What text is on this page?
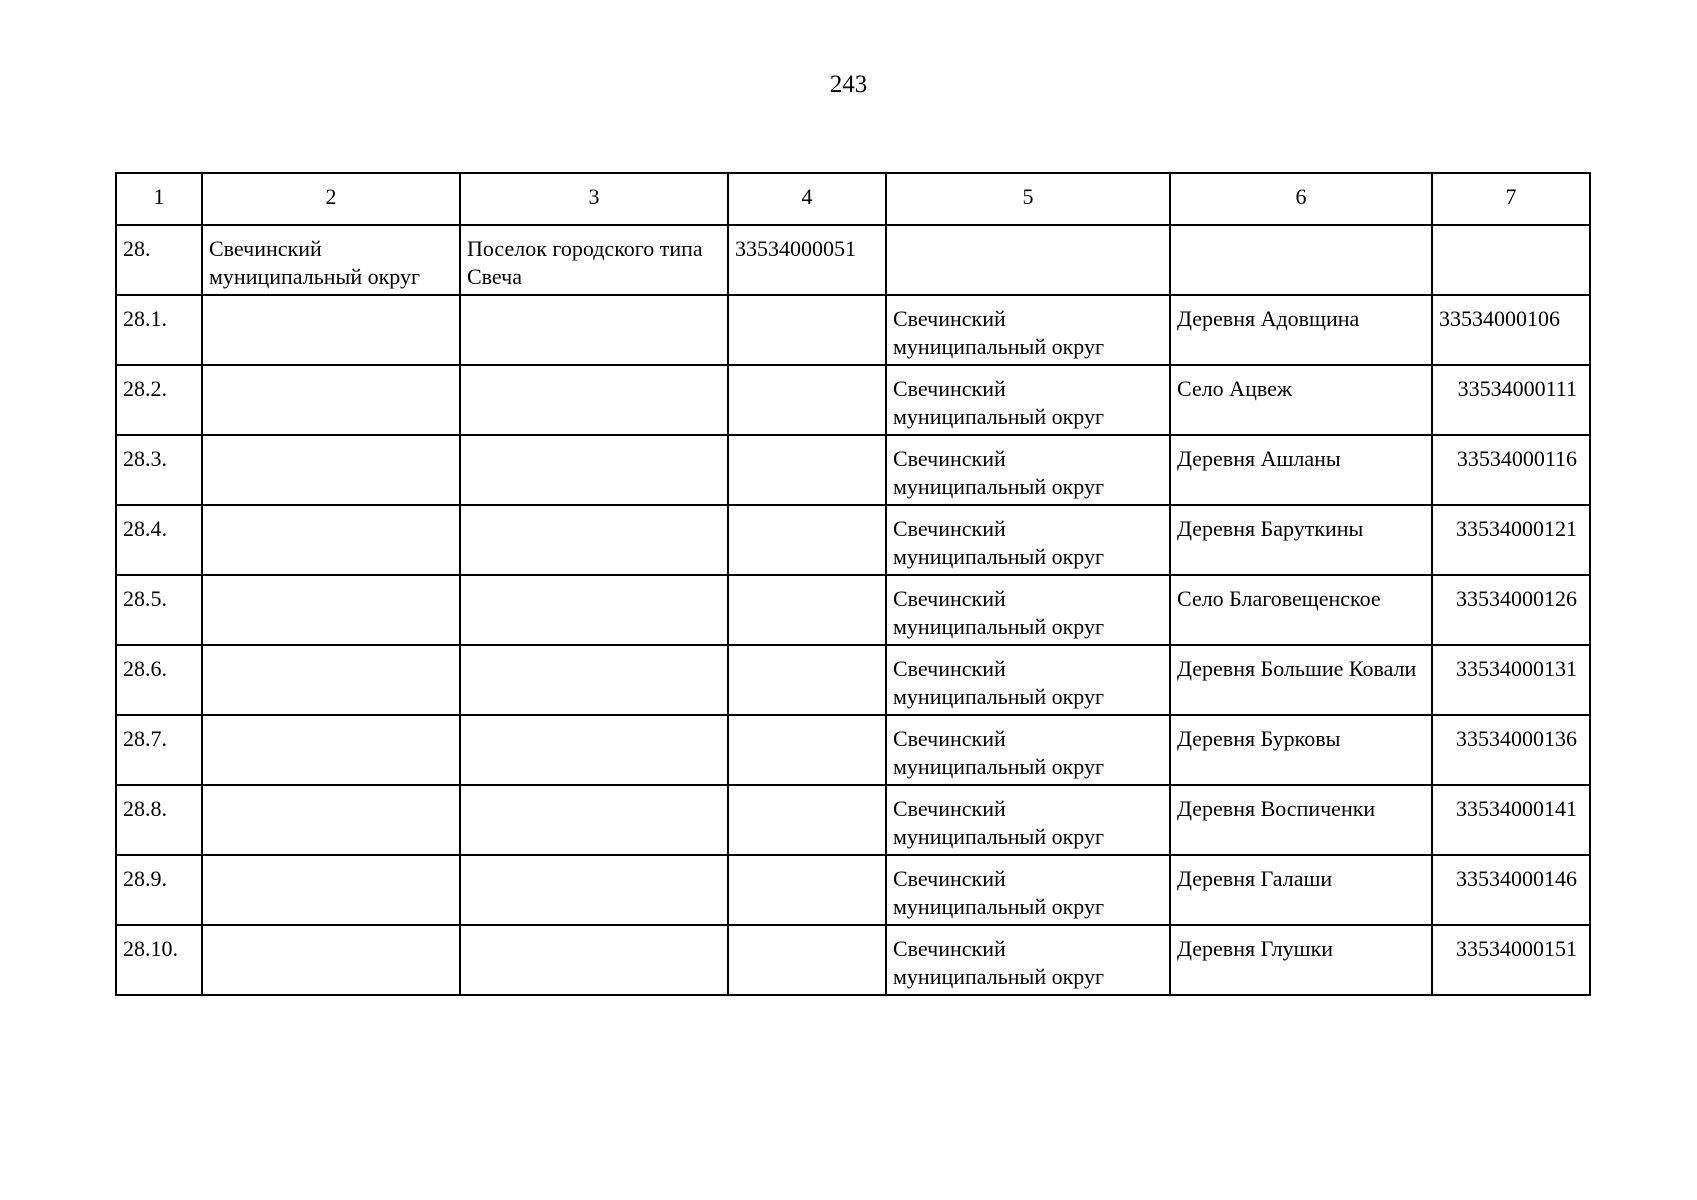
243
1	2	3	4	5	6	7
28.	Свечинский муниципальный округ	Поселок городского типа Свеча	33534000051			
28.1.				Свечинский муниципальный округ	Деревня Адовщина	33534000106
28.2.				Свечинский муниципальный округ	Село Ацвеж	33534000111
28.3.				Свечинский муниципальный округ	Деревня Ашланы	33534000116
28.4.				Свечинский муниципальный округ	Деревня Баруткины	33534000121
28.5.				Свечинский муниципальный округ	Село Благовещенское	33534000126
28.6.				Свечинский муниципальный округ	Деревня Большие Ковали	33534000131
28.7.				Свечинский муниципальный округ	Деревня Бурковы	33534000136
28.8.				Свечинский муниципальный округ	Деревня Воспиченки	33534000141
28.9.				Свечинский муниципальный округ	Деревня Галаши	33534000146
28.10.				Свечинский муниципальный округ	Деревня Глушки	33534000151
